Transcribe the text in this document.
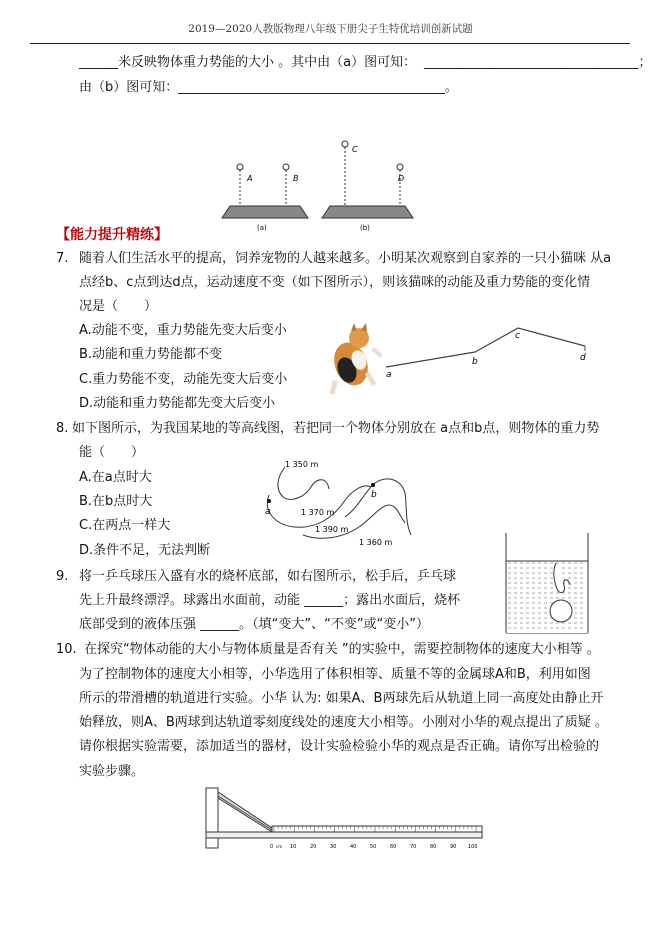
2019—2020人教版物理八年级下册尖子生特优培训创新试题
______米反映物体重力势能的大小 。其中由（a）图可知： _________________________________；
由（b）图可知：_________________________________________。
A	B
C
D
(a)	(b)
【能力提升精练】
7. 随着人们生活水平的提高，饲养宠物的人越来越多。小明某次观察到自家养的一只小猫咪 从a
点经b、c点到达d点，运动速度不变（如下图所示），则该猫咪的动能及重力势能的变化情
况是（　　）
A.动能不变，重力势能先变大后变小
B.动能和重力势能都不变
C.重力势能不变，动能先变大后变小
D.动能和重力势能都先变大后变小
a
b
c
d
8. 如下图所示，为我国某地的等高线图，若把同一个物体分别放在 a点和b点，则物体的重力势
能（　　）
A.在a点时大
B.在b点时大
C.在两点一样大
D.条件不足，无法判断
a
b
1 350 m
1 370 m
1 390 m
1 360 m
9. 将一乒乓球压入盛有水的烧杯底部，如右图所示，松手后，乒乓球
先上升最终漂浮。球露出水面前，动能 ______；露出水面后，烧杯
底部受到的液体压强 ______。（填“变大”、“不变”或“变小”）
10. 在探究“物体动能的大小与物体质量是否有关 ”的实验中，需要控制物体的速度大小相等 。
为了控制物体的速度大小相等，小华选用了体积相等、质量不等的金属球A和B，利用如图
所示的带滑槽的轨道进行实验。小华 认为: 如果A、B两球先后从轨道上同一高度处由静止开
始释放，则A、B两球到达轨道零刻度线处的速度大小相等。小刚对小华的观点提出了质疑 。
请你根据实验需要，添加适当的器材，设计实验检验小华的观点是否正确。请你写出检验的
实验步骤。
0 cm 10	20	30	40	50	60	70	80	90 100
